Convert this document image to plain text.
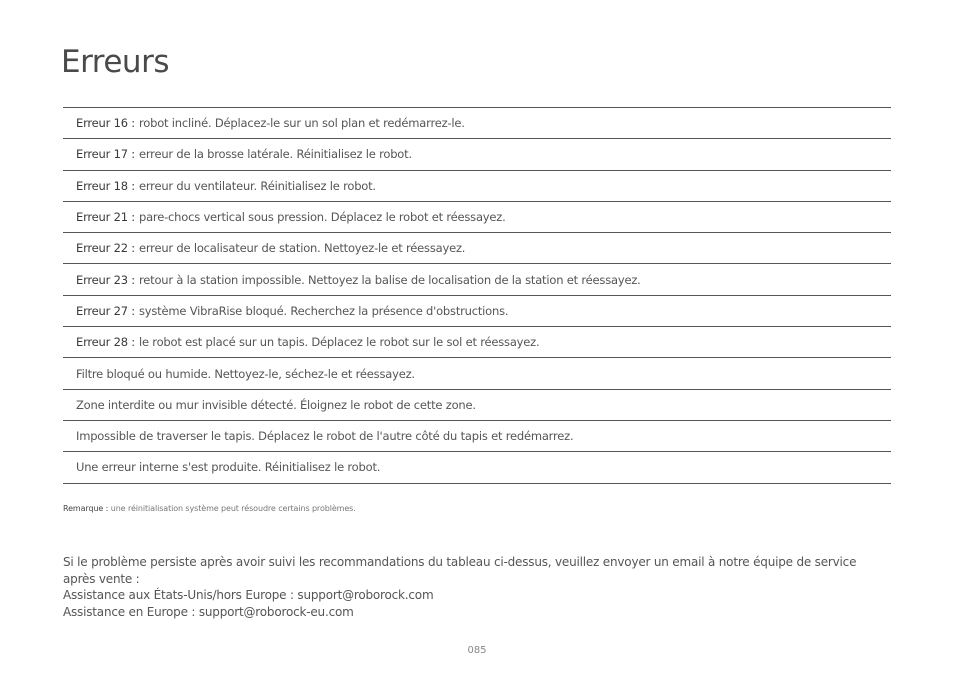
Erreurs
Erreur 16 : robot incliné. Déplacez-le sur un sol plan et redémarrez-le.
Erreur 17 : erreur de la brosse latérale. Réinitialisez le robot.
Erreur 18 : erreur du ventilateur. Réinitialisez le robot.
Erreur 21 : pare-chocs vertical sous pression. Déplacez le robot et réessayez.
Erreur 22 : erreur de localisateur de station. Nettoyez-le et réessayez.
Erreur 23 : retour à la station impossible. Nettoyez la balise de localisation de la station et réessayez.
Erreur 27 : système VibraRise bloqué. Recherchez la présence d'obstructions.
Erreur 28 : le robot est placé sur un tapis. Déplacez le robot sur le sol et réessayez.
Filtre bloqué ou humide. Nettoyez-le, séchez-le et réessayez.
Zone interdite ou mur invisible détecté. Éloignez le robot de cette zone.
Impossible de traverser le tapis. Déplacez le robot de l'autre côté du tapis et redémarrez.
Une erreur interne s'est produite. Réinitialisez le robot.
Remarque : une réinitialisation système peut résoudre certains problèmes.
Si le problème persiste après avoir suivi les recommandations du tableau ci-dessus, veuillez envoyer un email à notre équipe de service
après vente :
Assistance aux États-Unis/hors Europe : support@roborock.com
Assistance en Europe : support@roborock-eu.com
085
